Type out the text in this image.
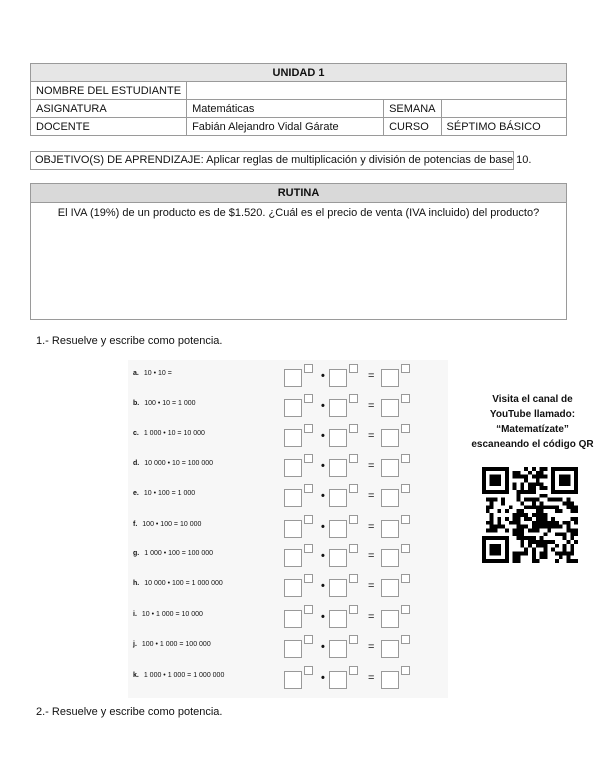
UNIDAD 1			
NOMBRE DEL ESTUDIANTE			
ASIGNATURA	Matemáticas	SEMANA	
DOCENTE	Fabián Alejandro Vidal Gárate	CURSO	SÉPTIMO BÁSICO
OBJETIVO(S) DE APRENDIZAJE: Aplicar reglas de multiplicación y división de potencias de base 10.
RUTINA
El IVA (19%) de un producto es de $1.520. ¿Cuál es el precio de venta (IVA incluido) del producto?
1.- Resuelve y escribe como potencia.
a. 10 • 10 =	•	=
b. 100 • 10 = 1 000	•	=
c. 1 000 • 10 = 10 000	•	=
d. 10 000 • 10 = 100 000	•	=
e. 10 • 100 = 1 000	•	=
f. 100 • 100 = 10 000	•	=
g. 1 000 • 100 = 100 000	•	=
h. 10 000 • 100 = 1 000 000	•	=
i. 10 • 1 000 = 10 000	•	=
j. 100 • 1 000 = 100 000	•	=
k. 1 000 • 1 000 = 1 000 000	•	=
Visita el canal de
YouTube llamado:
“Matematízate”
escaneando el código QR
2.- Resuelve y escribe como potencia.
